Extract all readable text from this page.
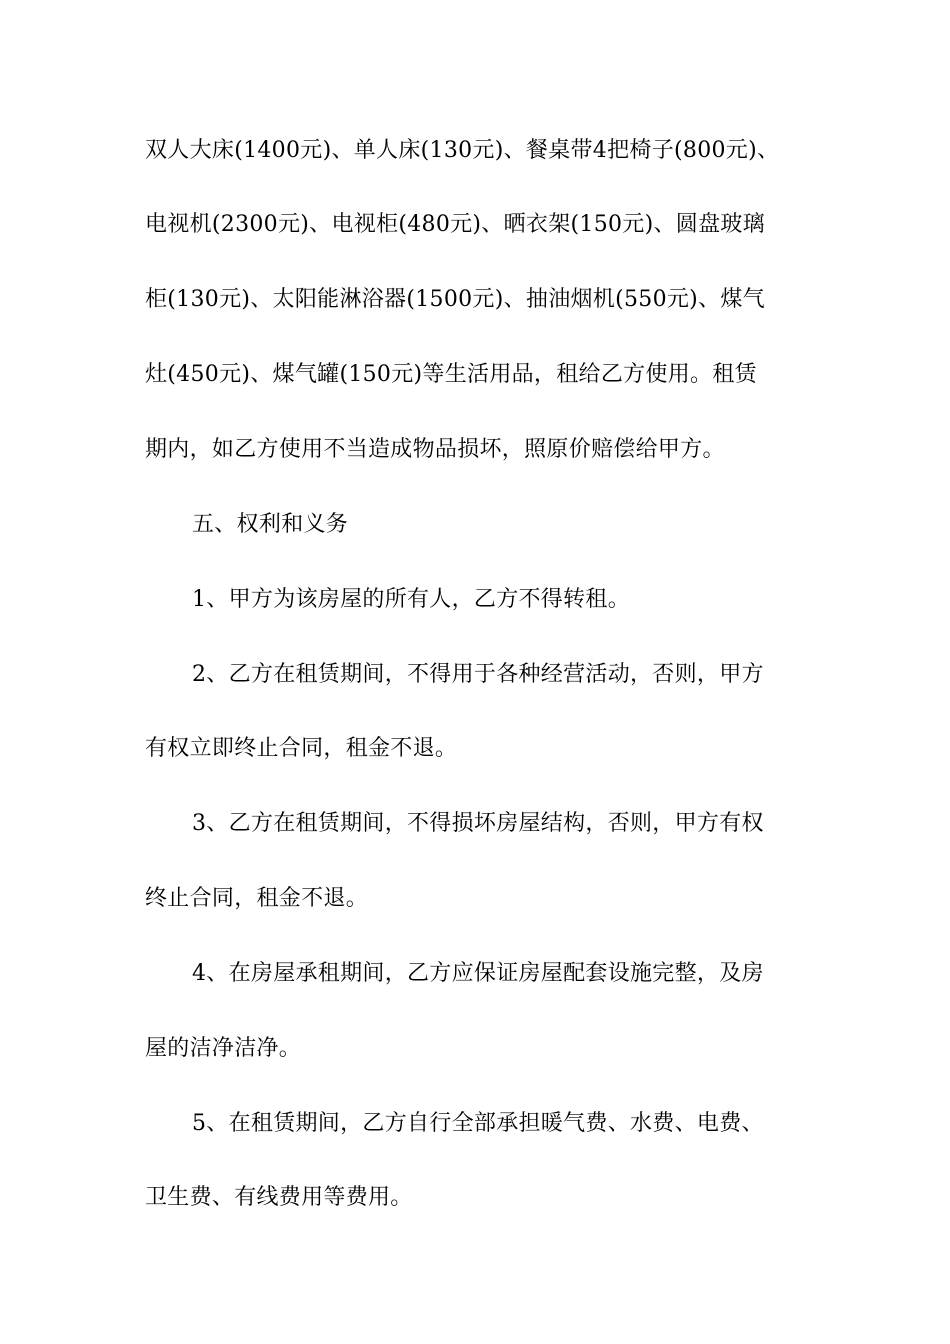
双人大床(1400元)、单人床(130元)、餐桌带4把椅子(800元)、
电视机(2300元)、电视柜(480元)、晒衣架(150元)、圆盘玻璃
柜(130元)、太阳能淋浴器(1500元)、抽油烟机(550元)、煤气
灶(450元)、煤气罐(150元)等生活用品，租给乙方使用。租赁
期内，如乙方使用不当造成物品损坏，照原价赔偿给甲方。
五、权利和义务
1、甲方为该房屋的所有人，乙方不得转租。
2、乙方在租赁期间，不得用于各种经营活动，否则，甲方
有权立即终止合同，租金不退。
3、乙方在租赁期间，不得损坏房屋结构，否则，甲方有权
终止合同，租金不退。
4、在房屋承租期间，乙方应保证房屋配套设施完整，及房
屋的洁净洁净。
5、在租赁期间，乙方自行全部承担暖气费、水费、电费、
卫生费、有线费用等费用。
